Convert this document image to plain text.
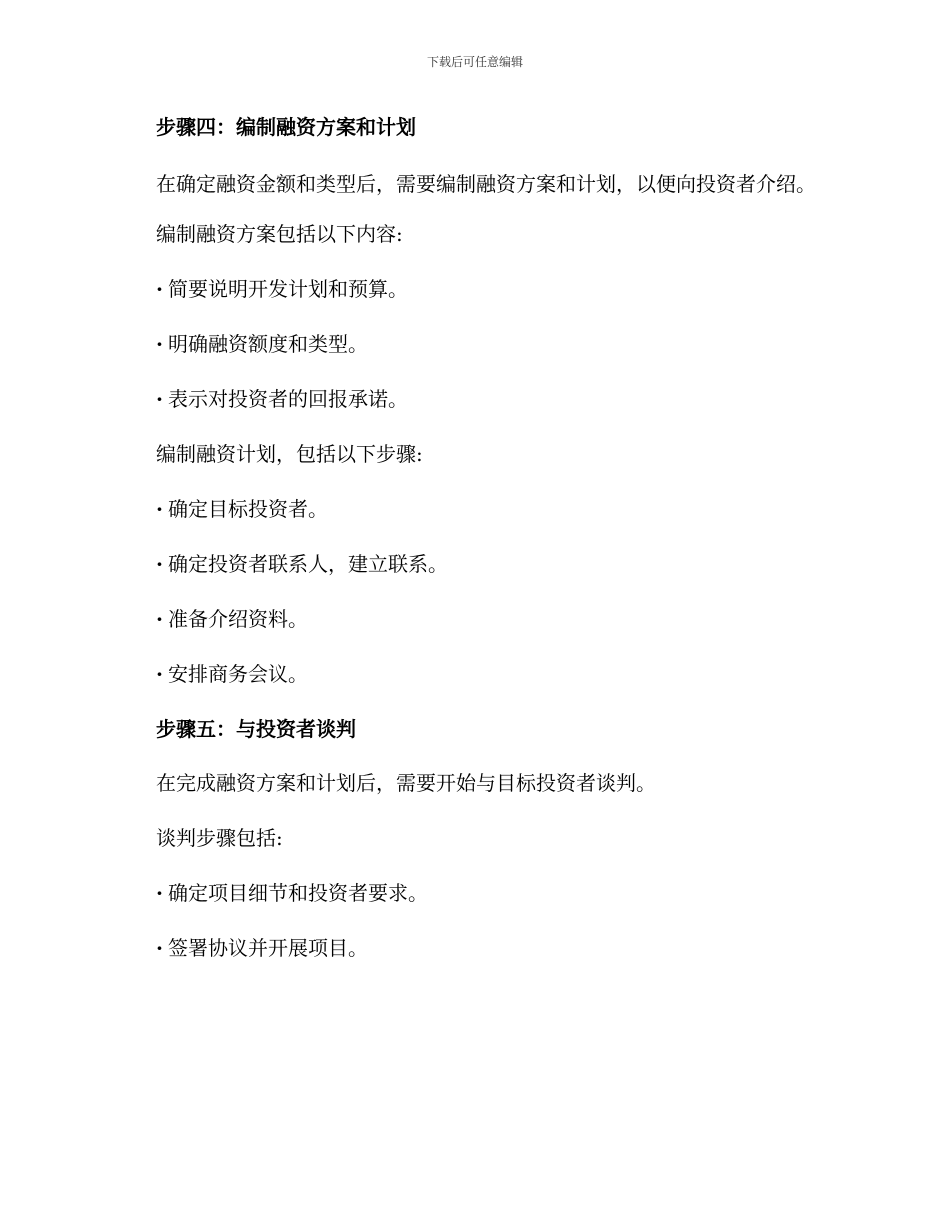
下载后可任意编辑
步骤四：编制融资方案和计划
在确定融资金额和类型后，需要编制融资方案和计划，以便向投资者介绍。
编制融资方案包括以下内容:
· 简要说明开发计划和预算。
· 明确融资额度和类型。
· 表示对投资者的回报承诺。
编制融资计划，包括以下步骤:
· 确定目标投资者。
· 确定投资者联系人，建立联系。
· 准备介绍资料。
· 安排商务会议。
步骤五：与投资者谈判
在完成融资方案和计划后，需要开始与目标投资者谈判。
谈判步骤包括:
· 确定项目细节和投资者要求。
· 签署协议并开展项目。
